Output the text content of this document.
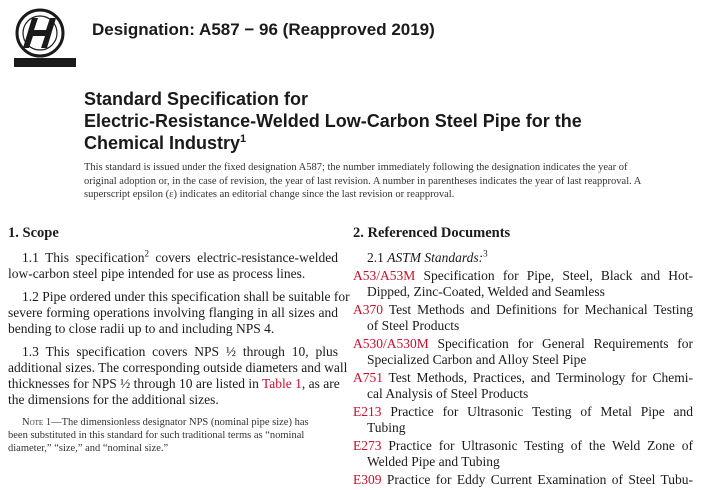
Designation: A587 − 96 (Reapproved 2019)
Standard Specification for
Electric-Resistance-Welded Low-Carbon Steel Pipe for the
Chemical Industry$^1$
This standard is issued under the fixed designation A587; the number immediately following the designation indicates the year of
original adoption or, in the case of revision, the year of last revision. A number in parentheses indicates the year of last reapproval. A
superscript epsilon (ε) indicates an editorial change since the last revision or reapproval.
1. Scope
1.1 This specification$^2$ covers electric-resistance-welded
low-carbon steel pipe intended for use as process lines.
1.2 Pipe ordered under this specification shall be suitable for
severe forming operations involving flanging in all sizes and
bending to close radii up to and including NPS 4.
1.3 This specification covers NPS ½ through 10, plus
additional sizes. The corresponding outside diameters and wall
thicknesses for NPS ½ through 10 are listed in Table 1, as are
the dimensions for the additional sizes.
Note 1—The dimensionless designator NPS (nominal pipe size) has
been substituted in this standard for such traditional terms as “nominal
diameter,” “size,” and “nominal size.”
2. Referenced Documents
2.1 ASTM Standards:$^3$
A53/A53M Specification for Pipe, Steel, Black and Hot-
Dipped, Zinc-Coated, Welded and Seamless
A370 Test Methods and Definitions for Mechanical Testing
of Steel Products
A530/A530M Specification for General Requirements for
Specialized Carbon and Alloy Steel Pipe
A751 Test Methods, Practices, and Terminology for Chemi-
cal Analysis of Steel Products
E213 Practice for Ultrasonic Testing of Metal Pipe and
Tubing
E273 Practice for Ultrasonic Testing of the Weld Zone of
Welded Pipe and Tubing
E309 Practice for Eddy Current Examination of Steel Tubu-
